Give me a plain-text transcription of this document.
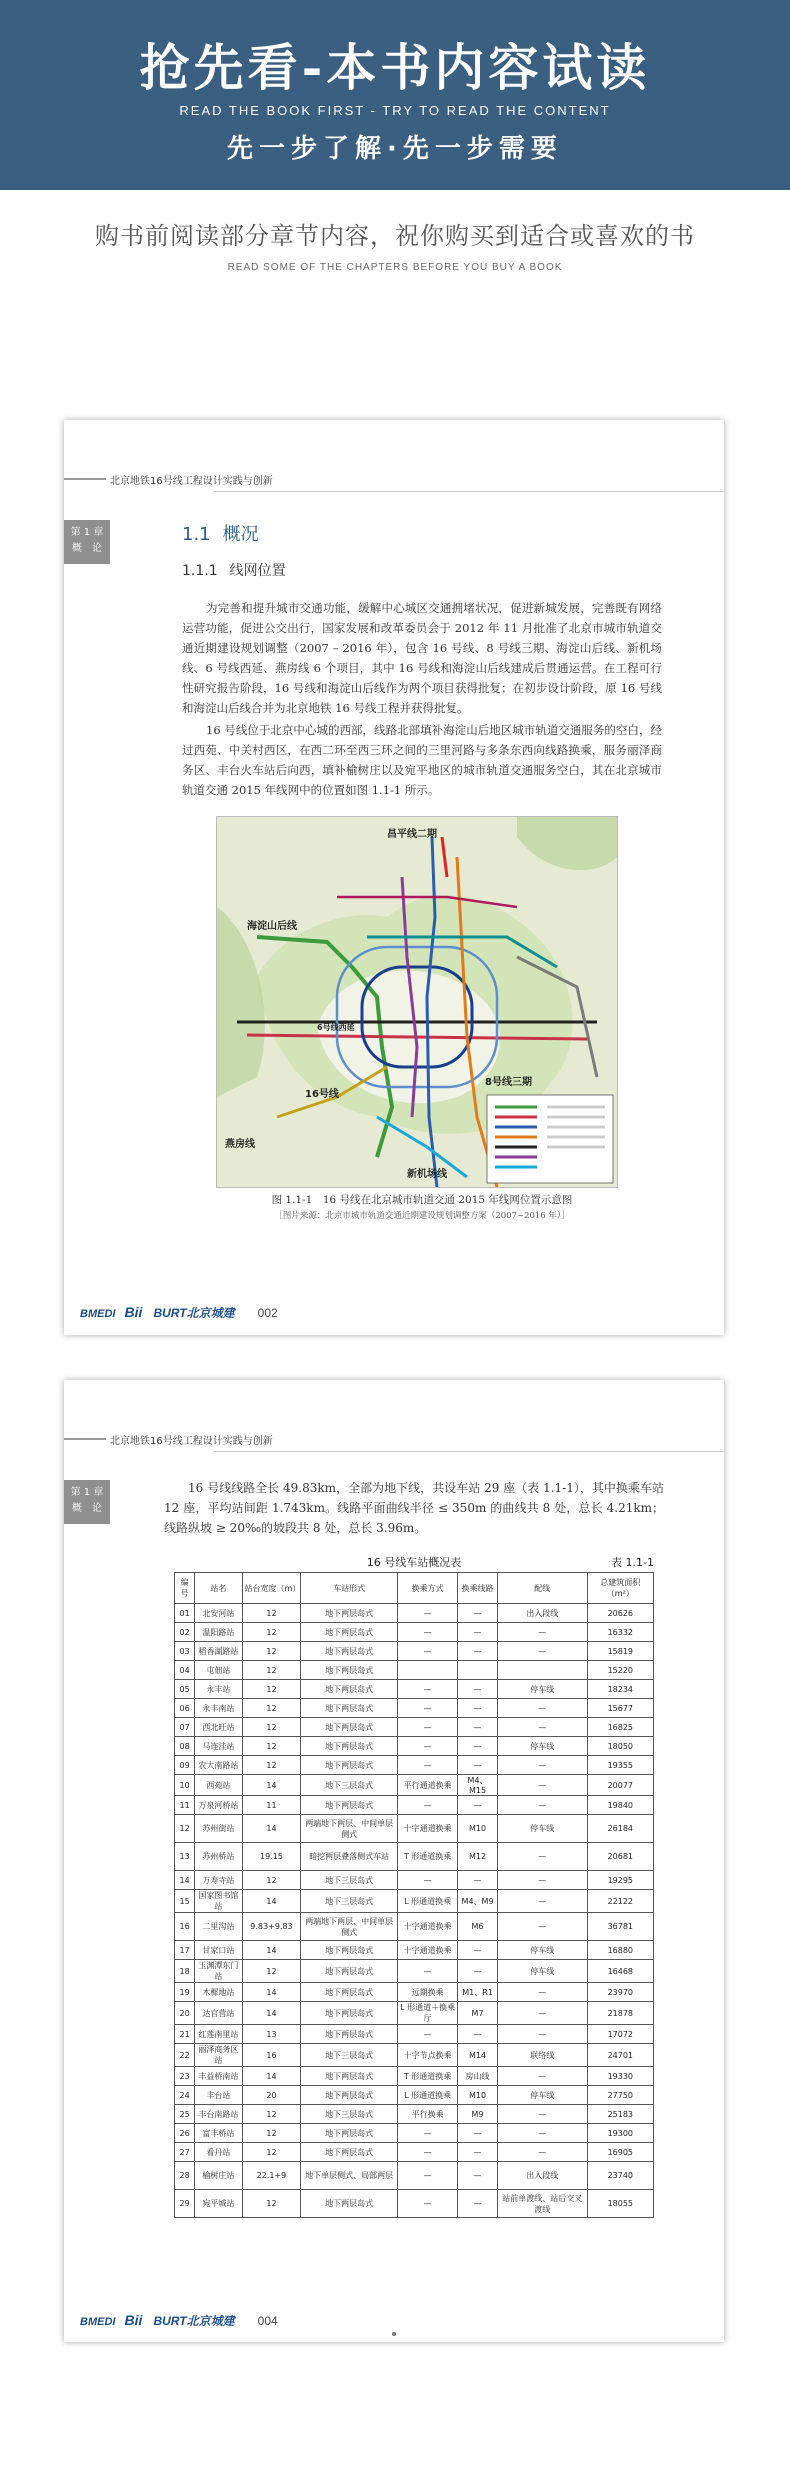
抢先看-本书内容试读
READ THE BOOK FIRST - TRY TO READ THE CONTENT
先一步了解·先一步需要
购书前阅读部分章节内容，祝你购买到适合或喜欢的书
READ SOME OF THE CHAPTERS BEFORE YOU BUY A BOOK
北京地铁16号线工程设计实践与创新
第 1 章
概　论
1.1 概况
1.1.1 线网位置
为完善和提升城市交通功能，缓解中心城区交通拥堵状况，促进新城发展，完善既有网络运营功能，促进公交出行，国家发展和改革委员会于 2012 年 11 月批准了北京市城市轨道交通近期建设规划调整（2007 – 2016 年），包含 16 号线、8 号线三期、海淀山后线、新机场线、6 号线西延、燕房线 6 个项目，其中 16 号线和海淀山后线建成后贯通运营。在工程可行性研究报告阶段，16 号线和海淀山后线作为两个项目获得批复；在初步设计阶段，原 16 号线和海淀山后线合并为北京地铁 16 号线工程并获得批复。
16 号线位于北京中心城的西部，线路北部填补海淀山后地区城市轨道交通服务的空白，经过西苑、中关村西区，在西二环至西三环之间的三里河路与多条东西向线路换乘，服务丽泽商务区、丰台火车站后向西，填补榆树庄以及宛平地区的城市轨道交通服务空白，其在北京城市轨道交通 2015 年线网中的位置如图 1.1-1 所示。
昌平线二期
海淀山后线
16号线
6号线西延
8号线三期
燕房线
新机场线
图 1.1-1　16 号线在北京城市轨道交通 2015 年线网位置示意图
［图片来源：北京市城市轨道交通近期建设规划调整方案（2007~2016 年）］
BMEDI Bii BURT北京城建 002
北京地铁16号线工程设计实践与创新
第 1 章
概　论
16 号线线路全长 49.83km，全部为地下线，共设车站 29 座（表 1.1-1），其中换乘车站 12 座，平均站间距 1.743km。线路平面曲线半径 ≤ 350m 的曲线共 8 处，总长 4.21km；线路纵坡 ≥ 20‰的坡段共 8 处，总长 3.96m。
16 号线车站概况表	表 1.1-1
编号	站名	站台宽度（m）	车站形式	换乘方式	换乘线路	配线	总建筑面积（m²）
01	北安河站	12	地下两层岛式	—	—	出入段线	20626
02	温阳路站	12	地下两层岛式	—	—	—	16332
03	稻香湖路站	12	地下两层岛式	—	—	—	15819
04	屯佃站	12	地下两层岛式				15220
05	永丰站	12	地下两层岛式	—	—	停车线	18234
06	永丰南站	12	地下两层岛式	—	—	—	15677
07	西北旺站	12	地下两层岛式	—	—	—	16825
08	马连洼站	12	地下两层岛式	—	—	停车线	18050
09	农大南路站	12	地下两层岛式	—	—	—	19355
10	西苑站	14	地下三层岛式	平行通道换乘	M4、M15	—	20077
11	万泉河桥站	11	地下两层岛式	—	—	—	19840
12	苏州街站	14	两端地下两层、中间单层侧式	十字通道换乘	M10	停车线	26184
13	苏州桥站	19.15	暗挖两层叠落侧式车站	T 形通道换乘	M12	—	20681
14	万寿寺站	12	地下三层岛式	—	—	—	19295
15	国家图书馆站	14	地下三层岛式	L 形通道换乘	M4、M9	—	22122
16	二里沟站	9.83+9.83	两端地下两层、中间单层侧式	十字通道换乘	M6	—	36781
17	甘家口站	14	地下两层岛式	十字通道换乘	—	停车线	16880
18	玉渊潭东门站	12	地下两层岛式	—	—	停车线	16468
19	木樨地站	14	地下两层岛式	远期换乘	M1、R1	—	23970
20	达官营站	14	地下两层岛式	L 形通道＋换乘厅	M7	—	21878
21	红莲南里站	13	地下两层岛式	—	—	—	17072
22	丽泽商务区站	16	地下三层岛式	十字节点换乘	M14	联络线	24701
23	丰益桥南站	14	地下两层岛式	T 形通道换乘	房山线	—	19330
24	丰台站	20	地下两层岛式	L 形通道换乘	M10	停车线	27750
25	丰台南路站	12	地下三层岛式	平行换乘	M9	—	25183
26	富丰桥站	12	地下两层岛式	—	—	—	19300
27	看丹站	12	地下两层岛式	—	—	—	16905
28	榆树庄站	22.1+9	地下单层侧式、局部两层	—	—	出入段线	23740
29	宛平城站	12	地下两层岛式	—	—	站前单渡线、站后交叉渡线	18055
BMEDI Bii BURT北京城建 004
